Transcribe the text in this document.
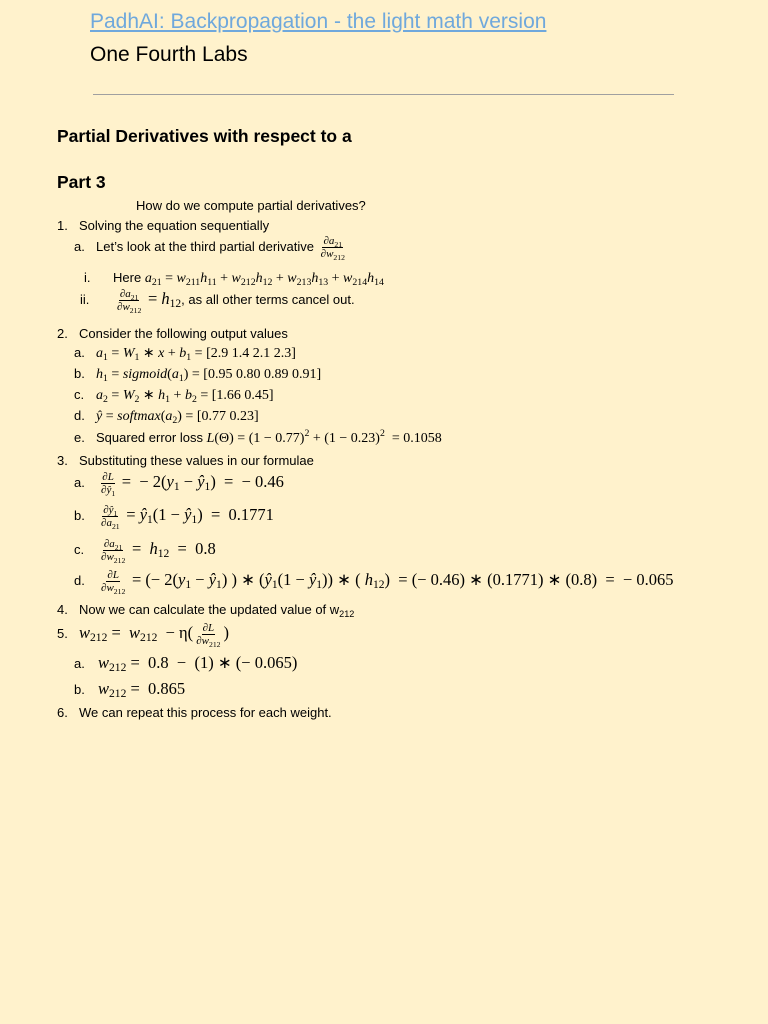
PadhAI: Backpropagation - the light math version
One Fourth Labs
Partial Derivatives with respect to a
Part 3
How do we compute partial derivatives?
1. Solving the equation sequentially
a. Let’s look at the third partial derivative $\frac{\partial a_{21}}{\partial w_{212}}$
i. Here $a_{21} = w_{211}h_{11} + w_{212}h_{12} + w_{213}h_{13} + w_{214}h_{14}$
ii. $\frac{\partial a_{21}}{\partial w_{212}} = h_{12}$, as all other terms cancel out.
2. Consider the following output values
a. $a_1 = W_1$ ∗ $x + b_1 = [2.9$ 1.4 2.1 2.3]
b. $h_1$ = $sigmoid(a_1) = [0.95$ 0.80 0.89 0.91]
c. $a_2 = W_2$ ∗ $h_1 + b_2 = [1.66$ 0.45]
d. ŷ = $softmax(a_2) = [0.77$ 0.23]
e. Squared error loss $L(\Theta) = (1 - 0.77)^2 + (1 - 0.23)^2 = 0.1058$
3. Substituting these values in our formulae
a. $\frac{\partial L}{\partial ŷ_1}$ =  − $2(y_1$ − $ŷ_1$)  =  − 0.46
b. $\frac{\partial ŷ_1}{\partial a_{21}}$ = $ŷ_1(1$ − $ŷ_1) = 0.1771$
c. $\frac{\partial a_{21}}{\partial w_{212}} = h_{12} = 0.8$
d. $\frac{\partial L}{\partial w_{212}}$ = (− $2(y_1$ − $ŷ_1$) ) ∗ ($ŷ_1(1$ − $ŷ_1$)) ∗ ( $h_{12}$)  = (− 0.46) ∗ (0.1771) ∗ (0.8)  =  − 0.065
4. Now we can calculate the updated value of $w_{212}$
5. $w_{212} = w_{212} - \eta( \frac{\partial L}{\partial w_{212}}$ )
a. $w_{212} = 0.8 - (1)$ ∗ (− 0.065)
b. $w_{212} = 0.865$
6. We can repeat this process for each weight.
